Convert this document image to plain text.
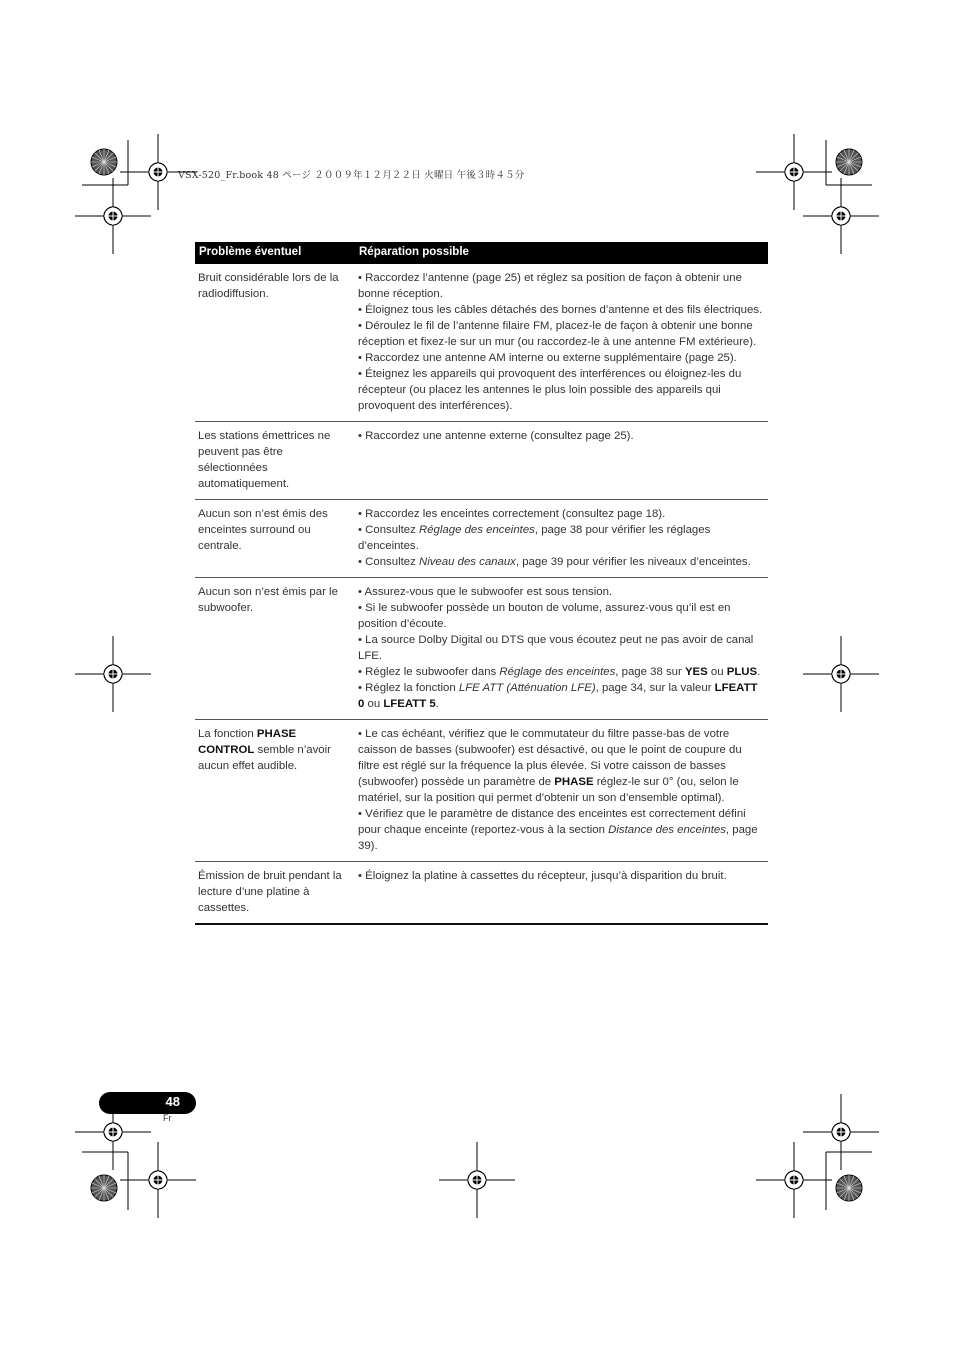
VSX-520_Fr.book 48 ページ ２００９年１２月２２日 火曜日 午後３時４５分
Problème éventuel	Réparation possible
Bruit considérable lors de la radiodiffusion.	• Raccordez l’antenne (page 25) et réglez sa position de façon à obtenir une bonne réception.
• Éloignez tous les câbles détachés des bornes d’antenne et des fils électriques.
• Déroulez le fil de l’antenne filaire FM, placez-le de façon à obtenir une bonne réception et fixez-le sur un mur (ou raccordez-le à une antenne FM extérieure).
• Raccordez une antenne AM interne ou externe supplémentaire (page 25).
• Éteignez les appareils qui provoquent des interférences ou éloignez-les du récepteur (ou placez les antennes le plus loin possible des appareils qui provoquent des interférences).

Les stations émettrices ne peuvent pas être sélectionnées automatiquement.	• Raccordez une antenne externe (consultez page 25).

Aucun son n’est émis des enceintes surround ou centrale.	• Raccordez les enceintes correctement (consultez page 18).
• Consultez Réglage des enceintes, page 38 pour vérifier les réglages d’enceintes.
• Consultez Niveau des canaux, page 39 pour vérifier les niveaux d’enceintes.

Aucun son n’est émis par le subwoofer.	• Assurez-vous que le subwoofer est sous tension.
• Si le subwoofer possède un bouton de volume, assurez-vous qu’il est en position d’écoute.
• La source Dolby Digital ou DTS que vous écoutez peut ne pas avoir de canal LFE.
• Réglez le subwoofer dans Réglage des enceintes, page 38 sur YES ou PLUS.
• Réglez la fonction LFE ATT (Atténuation LFE), page 34, sur la valeur LFEATT 0 ou LFEATT 5.

La fonction PHASE CONTROL semble n’avoir aucun effet audible.	• Le cas échéant, vérifiez que le commutateur du filtre passe-bas de votre caisson de basses (subwoofer) est désactivé, ou que le point de coupure du filtre est réglé sur la fréquence la plus élevée. Si votre caisson de basses (subwoofer) possède un paramètre de PHASE réglez-le sur 0° (ou, selon le matériel, sur la position qui permet d’obtenir un son d’ensemble optimal).
• Vérifiez que le paramètre de distance des enceintes est correctement défini pour chaque enceinte (reportez-vous à la section Distance des enceintes, page 39).

Émission de bruit pendant la lecture d’une platine à cassettes.	• Éloignez la platine à cassettes du récepteur, jusqu’à disparition du bruit.
48
Fr
